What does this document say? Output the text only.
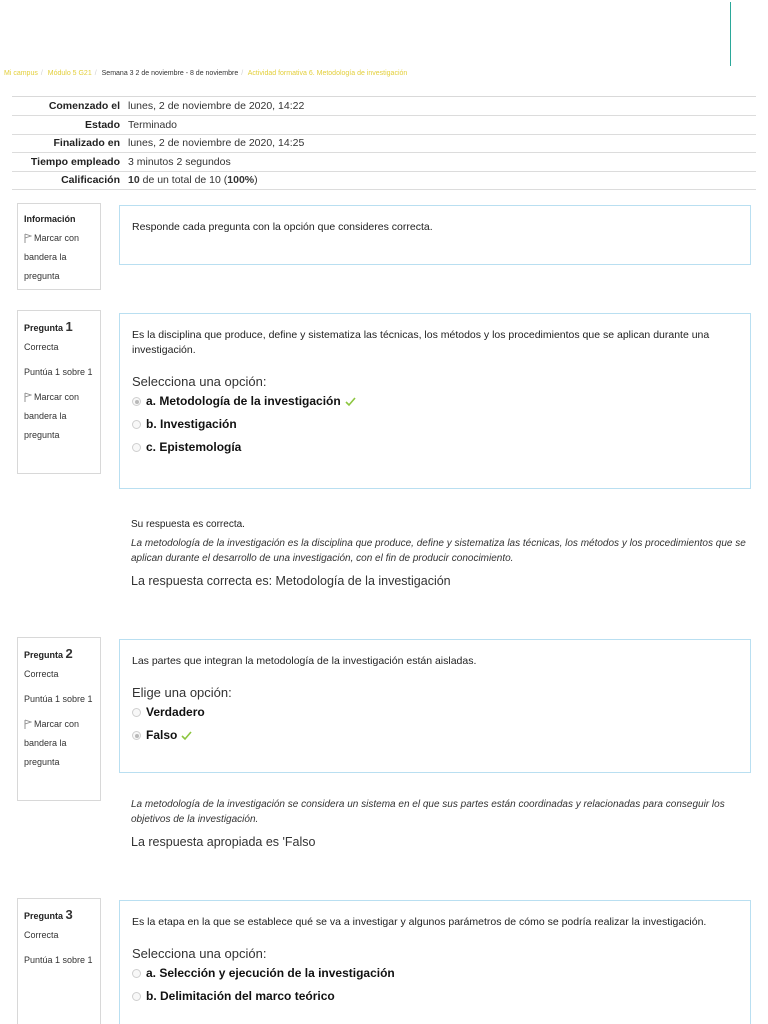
Mi campus / Módulo 5 G21 / Semana 3 2 de noviembre - 8 de noviembre / Actividad formativa 6. Metodología de investigación
Comenzado el	lunes, 2 de noviembre de 2020, 14:22
Estado	Terminado
Finalizado en	lunes, 2 de noviembre de 2020, 14:25
Tiempo empleado	3 minutos 2 segundos
Calificación	10 de un total de 10 (100%)
Información
Marcar con bandera la pregunta
Responde cada pregunta con la opción que consideres correcta.
Pregunta 1
Correcta
Puntúa 1 sobre 1
Marcar con bandera la pregunta
Es la disciplina que produce, define y sistematiza las técnicas, los métodos y los procedimientos que se aplican durante una investigación.
Selecciona una opción:
a. Metodología de la investigación
b. Investigación
c. Epistemología
Su respuesta es correcta.
La metodología de la investigación es la disciplina que produce, define y sistematiza las técnicas, los métodos y los procedimientos que se aplican durante el desarrollo de una investigación, con el fin de producir conocimiento.
La respuesta correcta es: Metodología de la investigación
Pregunta 2
Correcta
Puntúa 1 sobre 1
Marcar con bandera la pregunta
Las partes que integran la metodología de la investigación están aisladas.
Elige una opción:
Verdadero
Falso
La metodología de la investigación se considera un sistema en el que sus partes están coordinadas y relacionadas para conseguir los objetivos de la investigación.
La respuesta apropiada es 'Falso
Pregunta 3
Correcta
Puntúa 1 sobre 1
Es la etapa en la que se establece qué se va a investigar y algunos parámetros de cómo se podría realizar la investigación.
Selecciona una opción:
a. Selección y ejecución de la investigación
b. Delimitación del marco teórico
